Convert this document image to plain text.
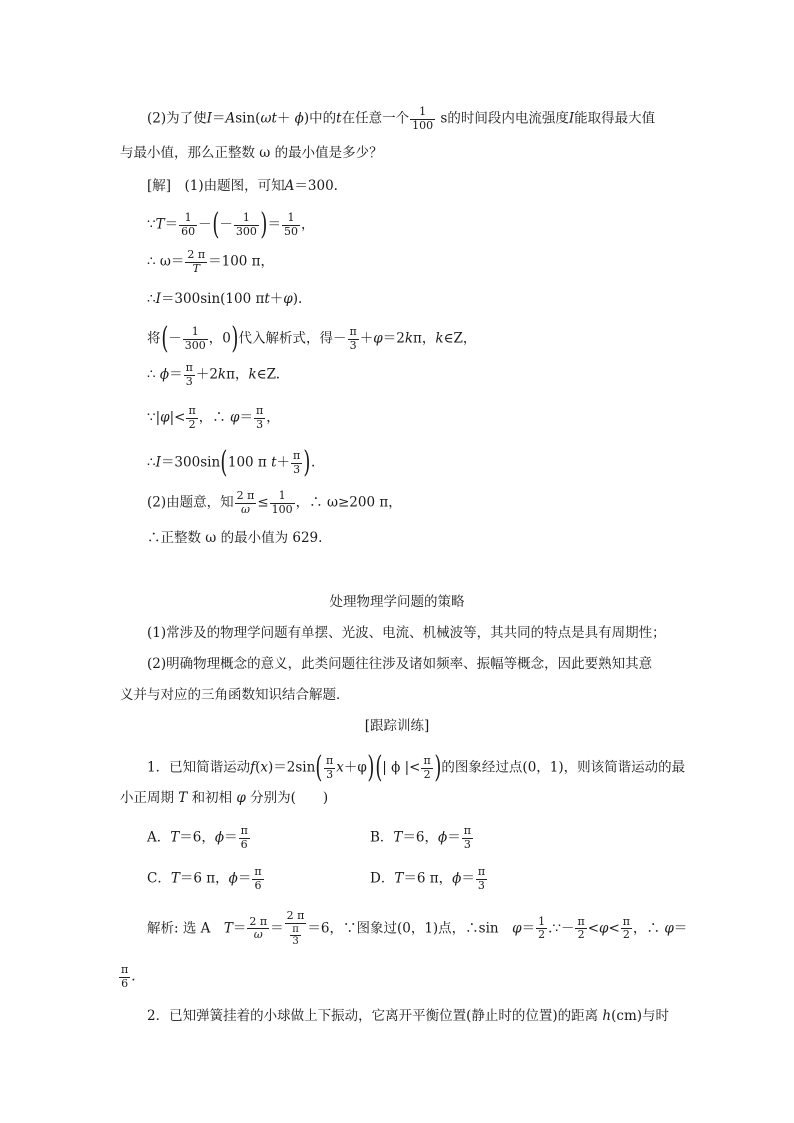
(2)为了使I＝Asin(ωt＋ ϕ)中的t在任意一个 $\frac{1}{100}$ s的时间段内电流强度I能取得最大值
与最小值，那么正整数 ω 的最小值是多少？
[解]　(1)由题图，可知A＝300.
∵T＝ $\frac{1}{60}$ －(－ $\frac{1}{300}$ )＝ $\frac{1}{50}$ ，
∴ $\omega= \frac{2 \pi}{T} =100$ π，
∴I＝300sin(100 πt＋φ).
将(－ $\frac{1}{300}$ ，0)代入解析式，得－ $\frac{\pi}{3} +\varphi=2k\pi$，k∈Z，
∴ $\phi= \frac{\pi}{3} +2k\pi$，k∈Z.
∵|φ|< $\frac{\pi}{2}$ ，∴ $\varphi= \frac{\pi}{3}$ ，
∴I＝300sin(100 π $t+ \frac{\pi}{3}$ ).
(2)由题意，知 $\frac{2 \pi}{\omega} \le \frac{1}{100}$ ，∴ ω≥200 π，
∴正整数 ω 的最小值为 629.
处理物理学问题的策略
(1)常涉及的物理学问题有单摆、光波、电流、机械波等，其共同的特点是具有周期性；
(2)明确物理概念的意义，此类问题往往涉及诸如频率、振幅等概念，因此要熟知其意
义并与对应的三角函数知识结合解题．
[跟踪训练]
1．已知简谐运动$f(x)=2\sin( \frac{\pi}{3} x+\varphi)(|$ ϕ |< $\frac{\pi}{2}$ )的图象经过点(0，1)，则该简谐运动的最
小正周期 T 和初相 φ 分别为(　　)
A．T＝6，$\phi= \frac{\pi}{6}$	B．T＝6，$\phi= \frac{\pi}{3}$
C．T＝6 π，$\phi= \frac{\pi}{6}$	D．T＝6 π，$\phi= \frac{\pi}{3}$
解析: 选 A　$T= \frac{2 \pi}{\omega} = \frac{2 \pi}{\frac{\pi}{3}} =6$，∵图象过(0，1)点，∴sin　$\varphi= \frac{1}{2}$ .∵－ $\frac{\pi}{2} <\varphi< \frac{\pi}{2}$ ，∴ φ＝
$\frac{\pi}{6}$ .
2．已知弹簧挂着的小球做上下振动，它离开平衡位置(静止时的位置)的距离 h(cm)与时
